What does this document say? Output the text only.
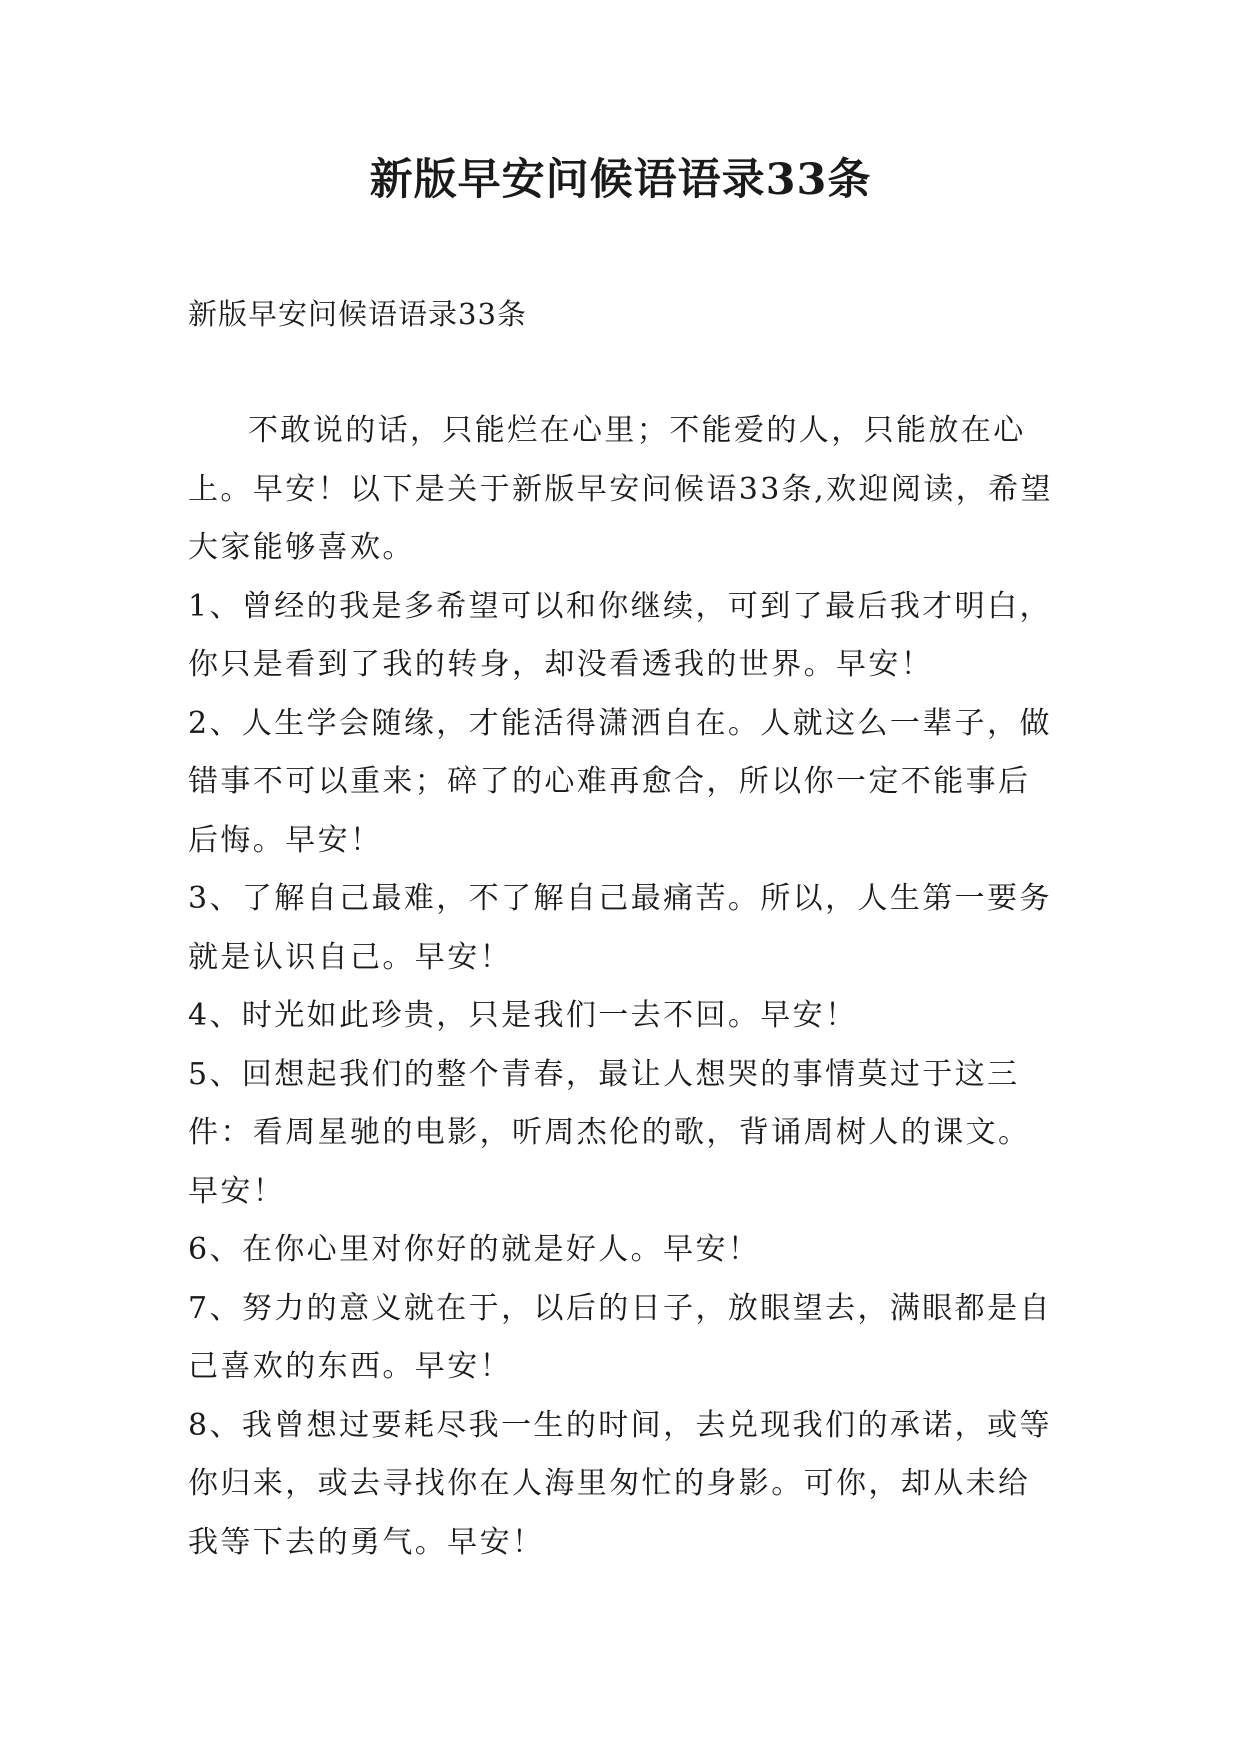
新版早安问候语语录33条

新版早安问候语语录33条

不敢说的话，只能烂在心里；不能爱的人，只能放在心上。早安！以下是关于新版早安问候语33条,欢迎阅读，希望大家能够喜欢。

1、曾经的我是多希望可以和你继续，可到了最后我才明白，你只是看到了我的转身，却没看透我的世界。早安！

2、人生学会随缘，才能活得潇洒自在。人就这么一辈子，做错事不可以重来；碎了的心难再愈合，所以你一定不能事后后悔。早安！

3、了解自己最难，不了解自己最痛苦。所以，人生第一要务就是认识自己。早安！

4、时光如此珍贵，只是我们一去不回。早安！

5、回想起我们的整个青春，最让人想哭的事情莫过于这三件：看周星驰的电影，听周杰伦的歌，背诵周树人的课文。早安！

6、在你心里对你好的就是好人。早安！

7、努力的意义就在于，以后的日子，放眼望去，满眼都是自己喜欢的东西。早安！

8、我曾想过要耗尽我一生的时间，去兑现我们的承诺，或等你归来，或去寻找你在人海里匆忙的身影。可你，却从未给我等下去的勇气。早安！
